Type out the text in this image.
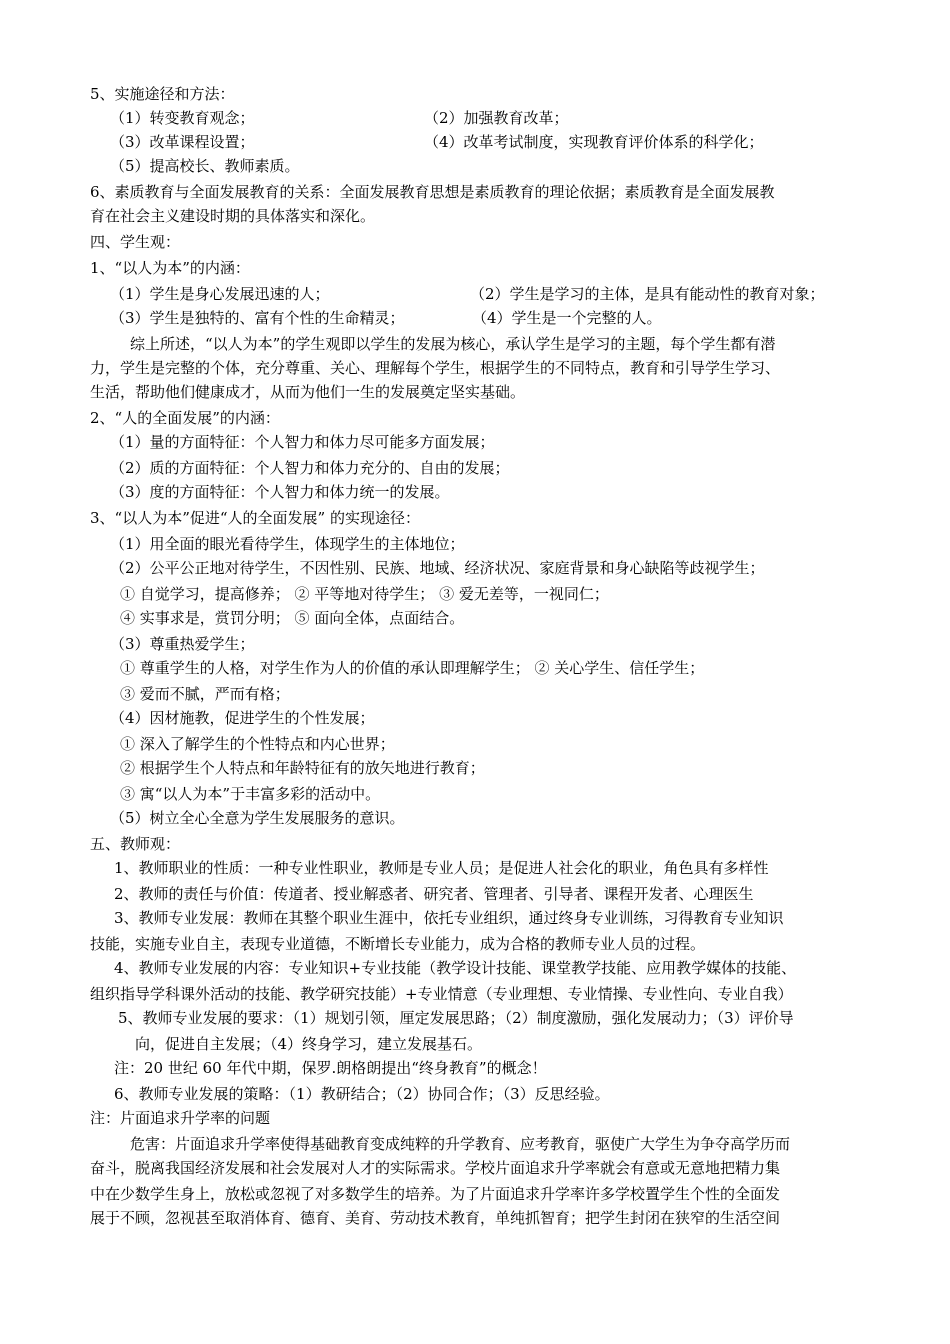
5、实施途径和方法：
（1）转变教育观念；	（2）加强教育改革；
（3）改革课程设置；	（4）改革考试制度，实现教育评价体系的科学化；
（5）提高校长、教师素质。
6、素质教育与全面发展教育的关系：全面发展教育思想是素质教育的理论依据；素质教育是全面发展教
育在社会主义建设时期的具体落实和深化。
四、学生观：
1、“以人为本”的内涵：
（1）学生是身心发展迅速的人；	（2）学生是学习的主体，是具有能动性的教育对象；
（3）学生是独特的、富有个性的生命精灵；	（4）学生是一个完整的人。
综上所述，“以人为本”的学生观即以学生的发展为核心，承认学生是学习的主题，每个学生都有潜
力，学生是完整的个体，充分尊重、关心、理解每个学生，根据学生的不同特点，教育和引导学生学习、
生活，帮助他们健康成才，从而为他们一生的发展奠定坚实基础。
2、“人的全面发展”的内涵：
（1）量的方面特征：个人智力和体力尽可能多方面发展；
（2）质的方面特征：个人智力和体力充分的、自由的发展；
（3）度的方面特征：个人智力和体力统一的发展。
3、“以人为本”促进“人的全面发展” 的实现途径：
（1）用全面的眼光看待学生，体现学生的主体地位；
（2）公平公正地对待学生，不因性别、民族、地域、经济状况、家庭背景和身心缺陷等歧视学生；
① 自觉学习，提高修养； ② 平等地对待学生； ③ 爱无差等，一视同仁；
④ 实事求是，赏罚分明； ⑤ 面向全体，点面结合。
（3）尊重热爱学生；
① 尊重学生的人格，对学生作为人的价值的承认即理解学生； ② 关心学生、信任学生；
③ 爱而不腻，严而有格；
（4）因材施教，促进学生的个性发展；
① 深入了解学生的个性特点和内心世界；
② 根据学生个人特点和年龄特征有的放矢地进行教育；
③ 寓“以人为本”于丰富多彩的活动中。
（5）树立全心全意为学生发展服务的意识。
五、教师观：
1、教师职业的性质：一种专业性职业，教师是专业人员；是促进人社会化的职业，角色具有多样性
2、教师的责任与价值：传道者、授业解惑者、研究者、管理者、引导者、课程开发者、心理医生
3、教师专业发展：教师在其整个职业生涯中，依托专业组织，通过终身专业训练，习得教育专业知识
技能，实施专业自主，表现专业道德，不断增长专业能力，成为合格的教师专业人员的过程。
4、教师专业发展的内容：专业知识+专业技能（教学设计技能、课堂教学技能、应用教学媒体的技能、
组织指导学科课外活动的技能、教学研究技能）+专业情意（专业理想、专业情操、专业性向、专业自我）
5、教师专业发展的要求：（1）规划引领，厘定发展思路；（2）制度激励，强化发展动力；（3）评价导
向，促进自主发展；（4）终身学习，建立发展基石。
注：20 世纪 60 年代中期，保罗.朗格朗提出“终身教育”的概念！
6、教师专业发展的策略：（1）教研结合；（2）协同合作；（3）反思经验。
注：片面追求升学率的问题
危害：片面追求升学率使得基础教育变成纯粹的升学教育、应考教育，驱使广大学生为争夺高学历而
奋斗，脱离我国经济发展和社会发展对人才的实际需求。学校片面追求升学率就会有意或无意地把精力集
中在少数学生身上，放松或忽视了对多数学生的培养。为了片面追求升学率许多学校置学生个性的全面发
展于不顾，忽视甚至取消体育、德育、美育、劳动技术教育，单纯抓智育；把学生封闭在狭窄的生活空间
